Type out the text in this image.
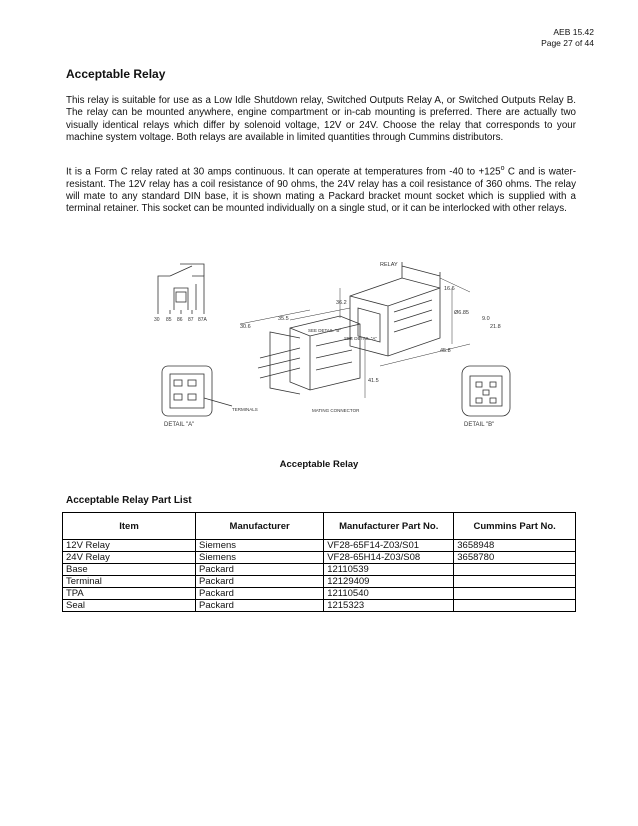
AEB 15.42
Page 27 of 44
Acceptable Relay

This relay is suitable for use as a Low Idle Shutdown relay, Switched Outputs Relay A, or Switched Outputs Relay B. The relay can be mounted anywhere, engine compartment or in-cab mounting is preferred. There are actually two visually identical relays which differ by solenoid voltage, 12V or 24V. Choose the relay that corresponds to your machine system voltage. Both relays are available in limited quantities through Cummins distributors.

It is a Form C relay rated at 30 amps continuous. It can operate at temperatures from -40 to $+125^o$ C and is water-resistant. The 12V relay has a coil resistance of 90 ohms, the 24V relay has a coil resistance of 360 ohms. The relay will mate to any standard DIN base, it is shown mating a Packard bracket mount socket which is supplied with a terminal retainer. This socket can be mounted individually on a single stud, or it can be interlocked with other relays.

30 85 86 87 87A
RELAY
16.6
36.2
Ø6.85
9.0
21.8
45.8
35.5
30.6
41.5
SEE DETAIL "B"
SEE DETAIL "A"
TERMINALS	MATING CONNECTOR
DETAIL "A"	DETAIL "B"
Acceptable Relay
Acceptable Relay Part List
Item	Manufacturer	Manufacturer Part No.	Cummins Part No.
12V Relay	Siemens	VF28-65F14-Z03/S01	3658948
24V Relay	Siemens	VF28-65H14-Z03/S08	3658780
Base	Packard	12110539	
Terminal	Packard	12129409	
TPA	Packard	12110540	
Seal	Packard	1215323	
